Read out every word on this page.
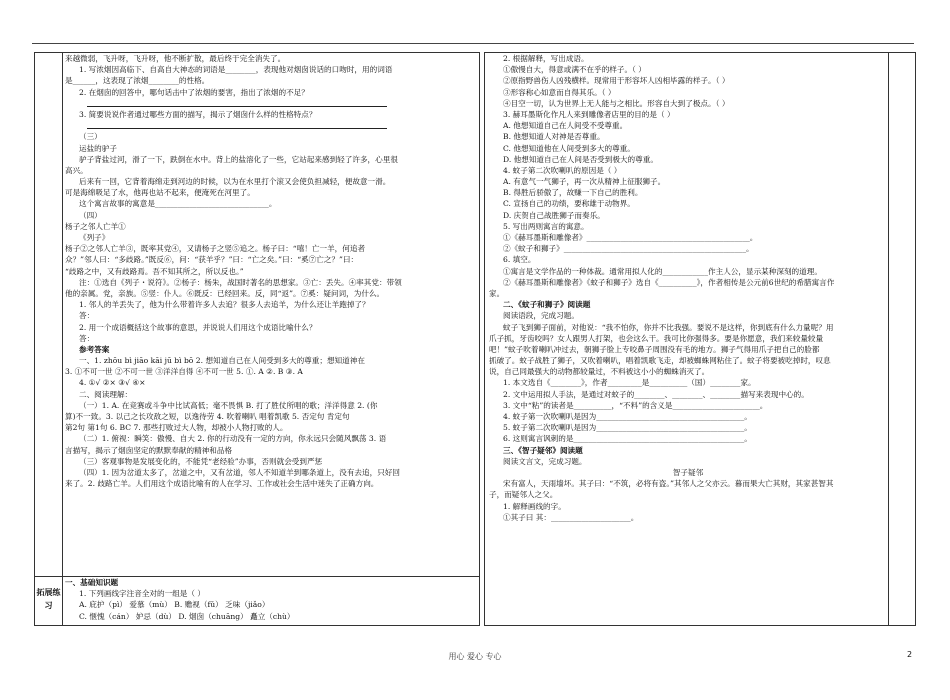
拓展练习
来越微弱，飞升呀，飞升呀，他不断扩散，最后终于完全消失了。
1. 写浓烟因高临下、自高自大神态的词语是________，表现他对烟囱说话的口吻时，用的词语
是______，这表现了浓烟________的性格。
2. 在烟囱的回答中，哪句话击中了浓烟的要害，指出了浓烟的不足？
3. 简要说说作者通过哪些方面的描写，揭示了烟囱什么样的性格特点？
（三）
运盐的驴子
驴子背盐过河，滑了一下，跌倒在水中。背上的盐溶化了一些，它站起来感到轻了许多，心里很
高兴。
后来有一回，它背着海绵走到河边的时候，以为在水里打个滚又会使负担减轻，便故意一滑。
可是海绵吸足了水，他再也站不起来，便淹死在河里了。
这个寓言故事的寓意是______________________________。
（四）
杨子之邻人亡羊①
《列子》
杨子②之邻人亡羊③，既率其党④，又请杨子之竖⑤追之。杨子曰：“嘻！亡一羊，何追者
众？”邻人曰：“多歧路。”既反⑥，问：“获羊乎？”曰：“亡之矣。”曰：“奚⑦亡之？”曰：
“歧路之中，又有歧路焉。吾不知其所之，所以反也。”
注：①选自《列子・说符》。②杨子：杨朱，战国时著名的思想家。③亡：丢失。④率其党：带领
他的亲属。党，亲族。⑤竖：仆人。⑥既反：已经回来。反，同“返”。⑦奚：疑问词，为什么。
1. 邻人的羊丢失了，他为什么带着许多人去追？很多人去追羊，为什么还让羊跑掉了？
答：
2. 用一个成语概括这个故事的意思，并说说人们用这个成语比喻什么？
答：
参考答案
一、1. zhōu bì jiāo kāi jū bì bō 2. 想知道自己在人间受到多大的尊重；想知道神在
3. ①不可一世 ②不可一世 ③洋洋自得 ④不可一世 5. ①. A ②. B ③. A
4. ①√ ②× ③√ ④×
二、阅读理解：
（一）1. A. 在竞赛或斗争中比试高低；毫不畏惧 B. 打了胜仗所唱的歌；洋洋得意 2. (你
算)不一致。3. 以己之长攻敌之短，以逸待劳 4. 吹着喇叭 唱着凯歌 5. 否定句 肯定句
第2句 第1句 6. BC 7. 那些打败过大人物，却被小人物打败的人。
（二）1. 俯视：瞬笑：傲慢、自大 2. 你的行动没有一定的方向，你永远只会随风飘荡 3. 语
言描写，揭示了烟囱坚定的默默奉献的精神和品格
（三）客观事物是发展变化的，不能凭“老经验”办事，否则就会受到严惩
（四）1. 因为岔道太多了，岔道之中，又有岔道，邻人不知道羊到哪条道上，没有去追，只好回
来了。2. 歧路亡羊。人们用这个成语比喻有的人在学习、工作或社会生活中迷失了正确方向。
一、基础知识题
1. 下列画线字注音全对的一组是（ ）
A. 庇护（pì） 爱慕（mù） B. 赡视（fǔ） 乏味（jiǎo）
C. 惬愧（cán） 妒忌（dù） D. 烟囱（chuāng） 矗立（chù）
2. 根据解释，写出成语。
①傲慢自大，得意或满不在乎的样子。（ ）
②原指野兽伤人凶残横样。现常用于形容坏人凶相毕露的样子。（ ）
③形容称心如意而自得其乐。（ ）
④目空一切，认为世界上无人能与之相比。形容自大到了极点。（ ）
3. 赫耳墨斯化作凡人来到雕像者店里的目的是（ ）
A. 他想知道自己在人间受不受尊重。
B. 他想知道人对神是否尊重。
C. 他想知道他在人间受到多大的尊重。
D. 他想知道自己在人间是否受到极大的尊重。
4. 蚊子第二次吹喇叭的原因是（ ）
A. 有意气一气狮子，再一次从精神上征服狮子。
B. 得胜后骄傲了，故赚一下自己的胜利。
C. 宣扬自己的功绩，要称雄于动物界。
D. 庆贺自己战胜狮子而奏乐。
5. 写出两则寓言的寓意。
①《赫耳墨斯和雕像者》___________________________________________。
②《蚊子和狮子》________________________________________________。
6. 填空。
①寓言是文学作品的一种体裁。通常用拟人化的____________作主人公，显示某种深刻的道理。
②《赫耳墨斯和雕像者》《蚊子和狮子》选自《__________》，作者相传是公元前6世纪的希腊寓言作
家。
二、《蚊子和狮子》阅读题
阅读语段，完成习题。
蚊子飞到狮子面前，对他说：“我不怕你，你并不比我强。要说不是这样，你到底有什么力量呢？用
爪子抓，牙齿咬吗？女人跟男人打架，也会这么干。我可比你强得多。要是你愿意，我们来较量较量
吧！”蚊子吹着喇叭冲过去，朝狮子脸上专咬鼻子周围没有毛的地方。狮子气得用爪子把自己的脸都
抓破了。蚊子战胜了狮子，又吹着喇叭，唱着凯歌飞走，却被蜘蛛网粘住了。蚊子将要被吃掉时，叹息
说，自己同最强大的动物都较量过，不料被这小小的蜘蛛消灭了。
1. 本文选自《________》，作者_________是__________（国）________家。
2. 文中运用拟人手法，是通过对蚊子的________、________、________描写来表现中心的。
3. 文中“粘”的读者是__________，“不料”的含义是_______________________。
4. 蚊子第一次吹喇叭是因为_______________________________________。
5. 蚊子第二次吹喇叭是因为_______________________________________。
6. 这则寓言讽刺的是_____________________________________________。
三、《智子疑邻》阅读题
阅读文言文，完成习题。
智子疑邻
宋有富人，天雨墙坏。其子曰：“不筑，必将有盗。”其邻人之父亦云。暮而果大亡其财，其家甚智其
子，而疑邻人之父。
1. 解释画线的字。
①其子曰 其：_____________________。
用心 爱心 专心	2
